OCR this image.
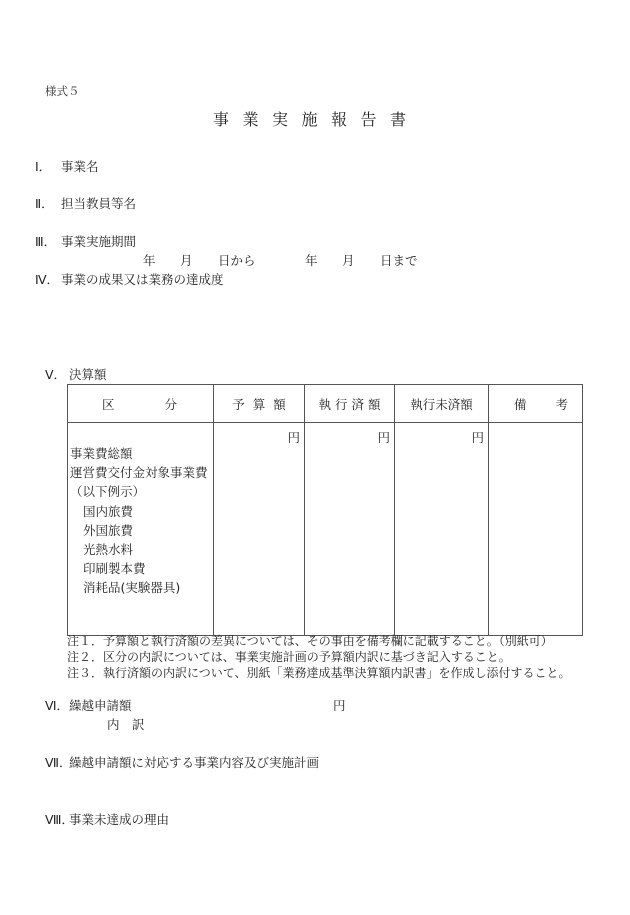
様式５
事 業 実 施 報 告 書
Ⅰ． 事業名
Ⅱ． 担当教員等名
Ⅲ． 事業実施期間
年 月 日から	年 月 日まで
Ⅳ． 事業の成果又は業務の達成度
Ⅴ． 決算額
区 分	予算額	執行済額	執行未済額	備 考

事業費総額
運営費交付金対象事業費
（以下例示）
国内旅費
外国旅費
光熱水料
印刷製本費
消耗品(実験器具)
	円	円	円	
注１．予算額と執行済額の差異については、その事由を備考欄に記載すること。（別紙可）
注２．区分の内訳については、事業実施計画の予算額内訳に基づき記入すること。
注３．執行済額の内訳について、別紙「業務達成基準決算額内訳書」を作成し添付すること。
Ⅵ．繰越申請額	円
内　訳
Ⅶ．繰越申請額に対応する事業内容及び実施計画
Ⅷ．事業未達成の理由
